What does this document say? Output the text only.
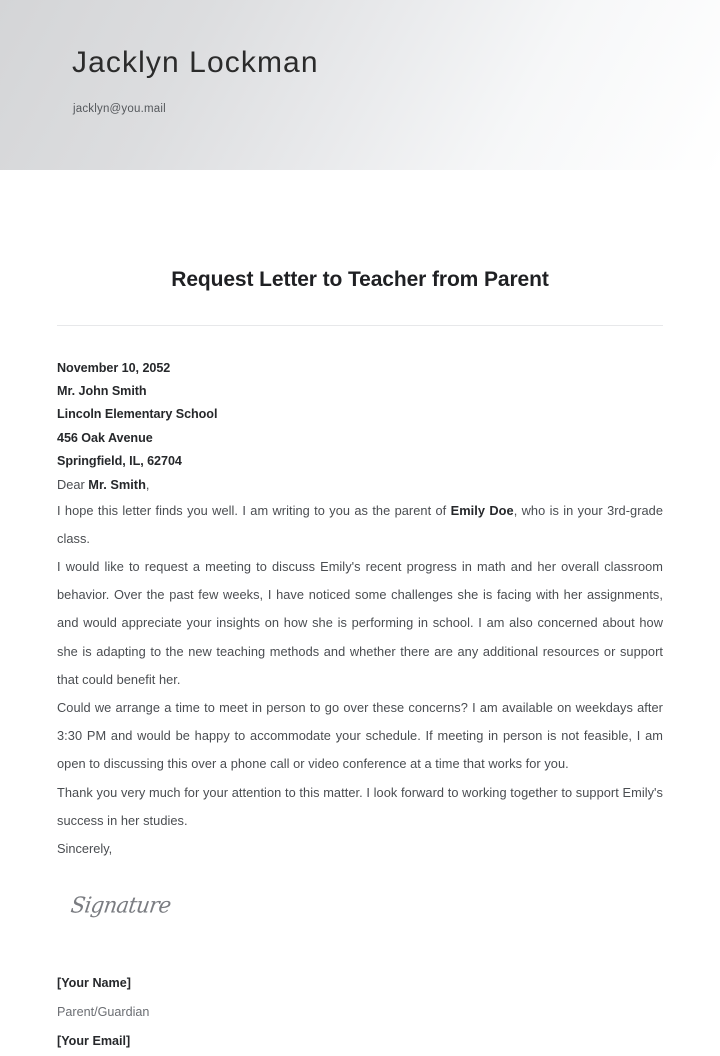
Jacklyn Lockman
jacklyn@you.mail
Request Letter to Teacher from Parent
November 10, 2052
Mr. John Smith
Lincoln Elementary School
456 Oak Avenue
Springfield, IL, 62704
Dear Mr. Smith,

I hope this letter finds you well. I am writing to you as the parent of Emily Doe, who is in your 3rd-grade class.

I would like to request a meeting to discuss Emily's recent progress in math and her overall classroom behavior. Over the past few weeks, I have noticed some challenges she is facing with her assignments, and would appreciate your insights on how she is performing in school. I am also concerned about how she is adapting to the new teaching methods and whether there are any additional resources or support that could benefit her.

Could we arrange a time to meet in person to go over these concerns? I am available on weekdays after 3:30 PM and would be happy to accommodate your schedule. If meeting in person is not feasible, I am open to discussing this over a phone call or video conference at a time that works for you.

Thank you very much for your attention to this matter. I look forward to working together to support Emily's success in her studies.

Sincerely,

Signature
[Your Name]
Parent/Guardian
[Your Email]
